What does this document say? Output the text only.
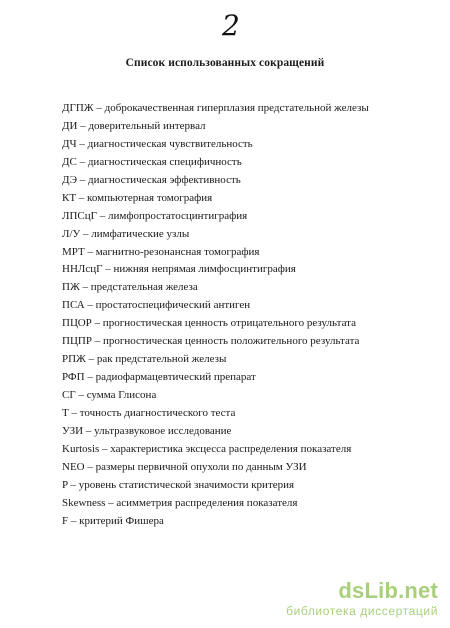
2
Список использованных сокращений
ДГПЖ – доброкачественная гиперплазия предстательной железы
ДИ – доверительный интервал
ДЧ – диагностическая чувствительность
ДС – диагностическая специфичность
ДЭ – диагностическая эффективность
КТ – компьютерная томография
ЛПСцГ – лимфопростатосцинтиграфия
Л/У – лимфатические узлы
МРТ – магнитно-резонансная томография
ННЛсцГ – нижняя непрямая лимфосцинтиграфия
ПЖ – предстательная железа
ПСА – простатоспецифический антиген
ПЦОР – прогностическая ценность отрицательного результата
ПЦПР – прогностическая ценность положительного результата
РПЖ – рак предстательной железы
РФП – радиофармацевтический препарат
СГ – сумма Глисона
Т – точность диагностического теста
УЗИ – ультразвуковое исследование
Kurtosis – характеристика эксцесса распределения показателя
NEO – размеры первичной опухоли по данным УЗИ
P – уровень статистической значимости критерия
Skewness – асимметрия распределения показателя
F – критерий Фишера
dsLib.net
библиотека диссертаций
